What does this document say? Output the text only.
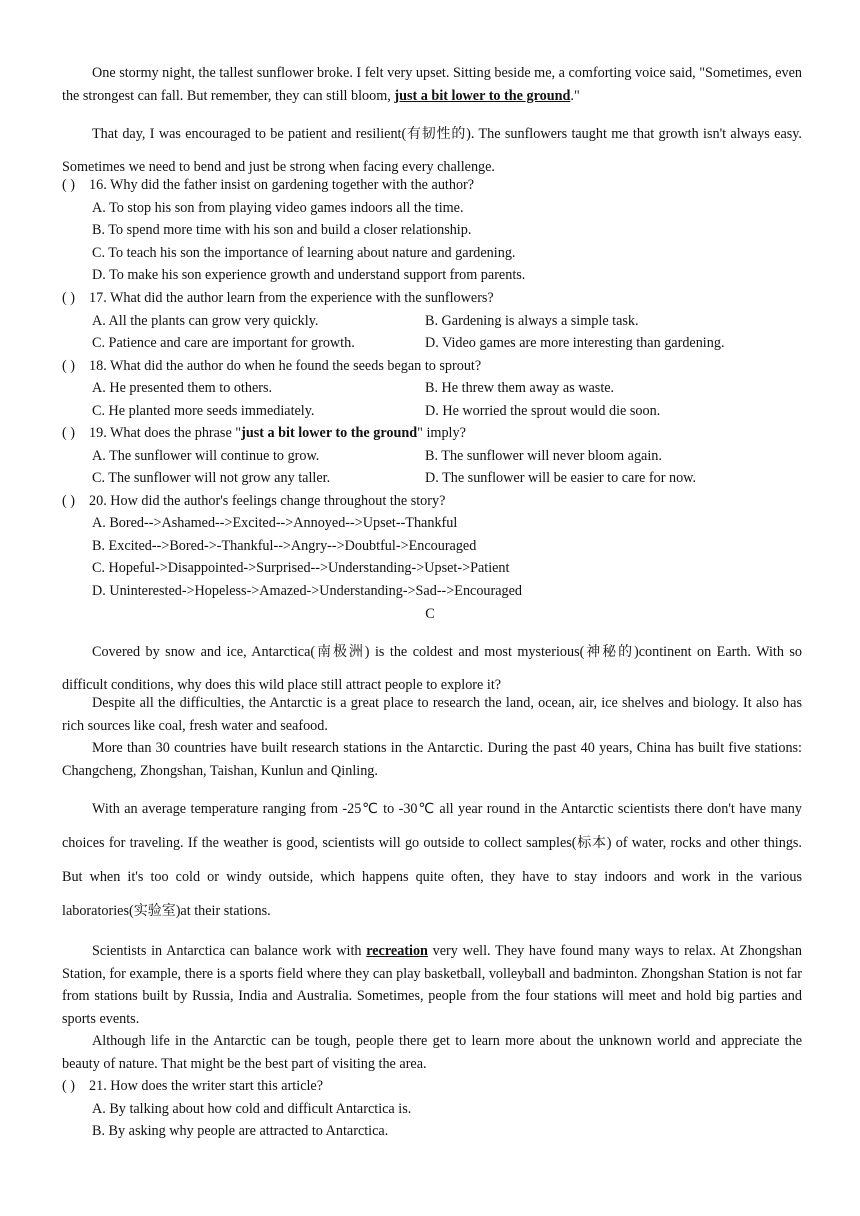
One stormy night, the tallest sunflower broke. I felt very upset. Sitting beside me, a comforting voice said, "Sometimes, even the strongest can fall. But remember, they can still bloom, just a bit lower to the ground."

That day, I was encouraged to be patient and resilient(有韧性的). The sunflowers taught me that growth isn't always easy. Sometimes we need to bend and just be strong when facing every challenge.

( ) 16. Why did the father insist on gardening together with the author?

A. To stop his son from playing video games indoors all the time.

B. To spend more time with his son and build a closer relationship.

C. To teach his son the importance of learning about nature and gardening.

D. To make his son experience growth and understand support from parents.

( ) 17. What did the author learn from the experience with the sunflowers?

A. All the plants can grow very quickly.	B. Gardening is always a simple task.

C. Patience and care are important for growth.	D. Video games are more interesting than gardening.

( ) 18. What did the author do when he found the seeds began to sprout?

A. He presented them to others.	B. He threw them away as waste.

C. He planted more seeds immediately.	D. He worried the sprout would die soon.

( ) 19. What does the phrase "just a bit lower to the ground" imply?

A. The sunflower will continue to grow.	B. The sunflower will never bloom again.

C. The sunflower will not grow any taller.	D. The sunflower will be easier to care for now.

( ) 20. How did the author's feelings change throughout the story?

A. Bored-->Ashamed-->Excited-->Annoyed-->Upset--Thankful

B. Excited-->Bored->-Thankful-->Angry-->Doubtful->Encouraged

C. Hopeful->Disappointed->Surprised-->Understanding->Upset->Patient

D. Uninterested->Hopeless->Amazed->Understanding->Sad-->Encouraged

C

Covered by snow and ice, Antarctica(南极洲) is the coldest and most mysterious(神秘的)continent on Earth. With so difficult conditions, why does this wild place still attract people to explore it?

Despite all the difficulties, the Antarctic is a great place to research the land, ocean, air, ice shelves and biology. It also has rich sources like coal, fresh water and seafood.

More than 30 countries have built research stations in the Antarctic. During the past 40 years, China has built five stations: Changcheng, Zhongshan, Taishan, Kunlun and Qinling.

With an average temperature ranging from -25℃ to -30℃ all year round in the Antarctic scientists there don't have many choices for traveling. If the weather is good, scientists will go outside to collect samples(标本) of water, rocks and other things. But when it's too cold or windy outside, which happens quite often, they have to stay indoors and work in the various laboratories(实验室)at their stations.

Scientists in Antarctica can balance work with recreation very well. They have found many ways to relax. At Zhongshan Station, for example, there is a sports field where they can play basketball, volleyball and badminton. Zhongshan Station is not far from stations built by Russia, India and Australia. Sometimes, people from the four stations will meet and hold big parties and sports events.

Although life in the Antarctic can be tough, people there get to learn more about the unknown world and appreciate the beauty of nature. That might be the best part of visiting the area.

( ) 21. How does the writer start this article?

A. By talking about how cold and difficult Antarctica is.

B. By asking why people are attracted to Antarctica.
